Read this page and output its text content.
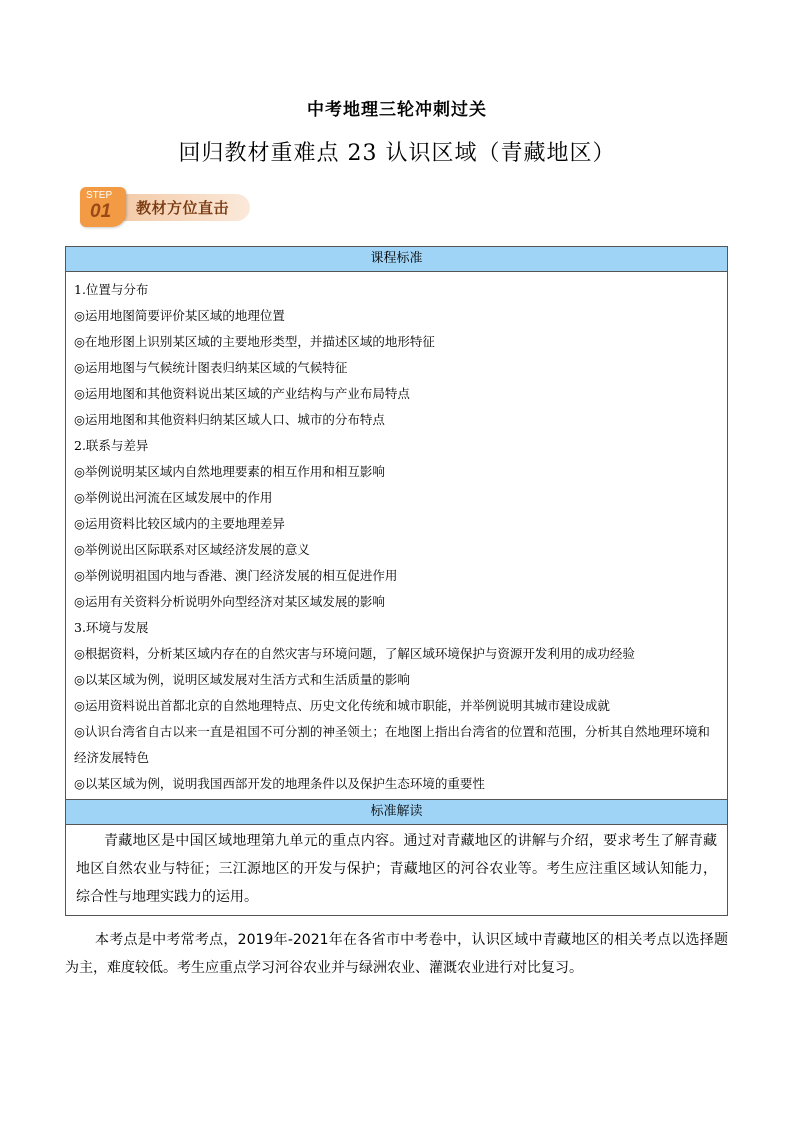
中考地理三轮冲刺过关
回归教材重难点 23 认识区域（青藏地区）
STEP
01 教材方位直击
课程标准
1.位置与分布
◎运用地图简要评价某区域的地理位置
◎在地形图上识别某区域的主要地形类型，并描述区域的地形特征
◎运用地图与气候统计图表归纳某区域的气候特征
◎运用地图和其他资料说出某区域的产业结构与产业布局特点
◎运用地图和其他资料归纳某区域人口、城市的分布特点
2.联系与差异
◎举例说明某区域内自然地理要素的相互作用和相互影响
◎举例说出河流在区域发展中的作用
◎运用资料比较区域内的主要地理差异
◎举例说出区际联系对区域经济发展的意义
◎举例说明祖国内地与香港、澳门经济发展的相互促进作用
◎运用有关资料分析说明外向型经济对某区域发展的影响
3.环境与发展
◎根据资料，分析某区域内存在的自然灾害与环境问题，了解区域环境保护与资源开发利用的成功经验
◎以某区域为例，说明区域发展对生活方式和生活质量的影响
◎运用资料说出首都北京的自然地理特点、历史文化传统和城市职能，并举例说明其城市建设成就
◎认识台湾省自古以来一直是祖国不可分割的神圣领土；在地图上指出台湾省的位置和范围，分析其自然地理环境和经济发展特色
◎以某区域为例，说明我国西部开发的地理条件以及保护生态环境的重要性
标准解读
青藏地区是中国区域地理第九单元的重点内容。通过对青藏地区的讲解与介绍，要求考生了解青藏地区自然农业与特征；三江源地区的开发与保护；青藏地区的河谷农业等。考生应注重区域认知能力，综合性与地理实践力的运用。
本考点是中考常考点，2019年-2021年在各省市中考卷中，认识区域中青藏地区的相关考点以选择题为主，难度较低。考生应重点学习河谷农业并与绿洲农业、灌溉农业进行对比复习。
